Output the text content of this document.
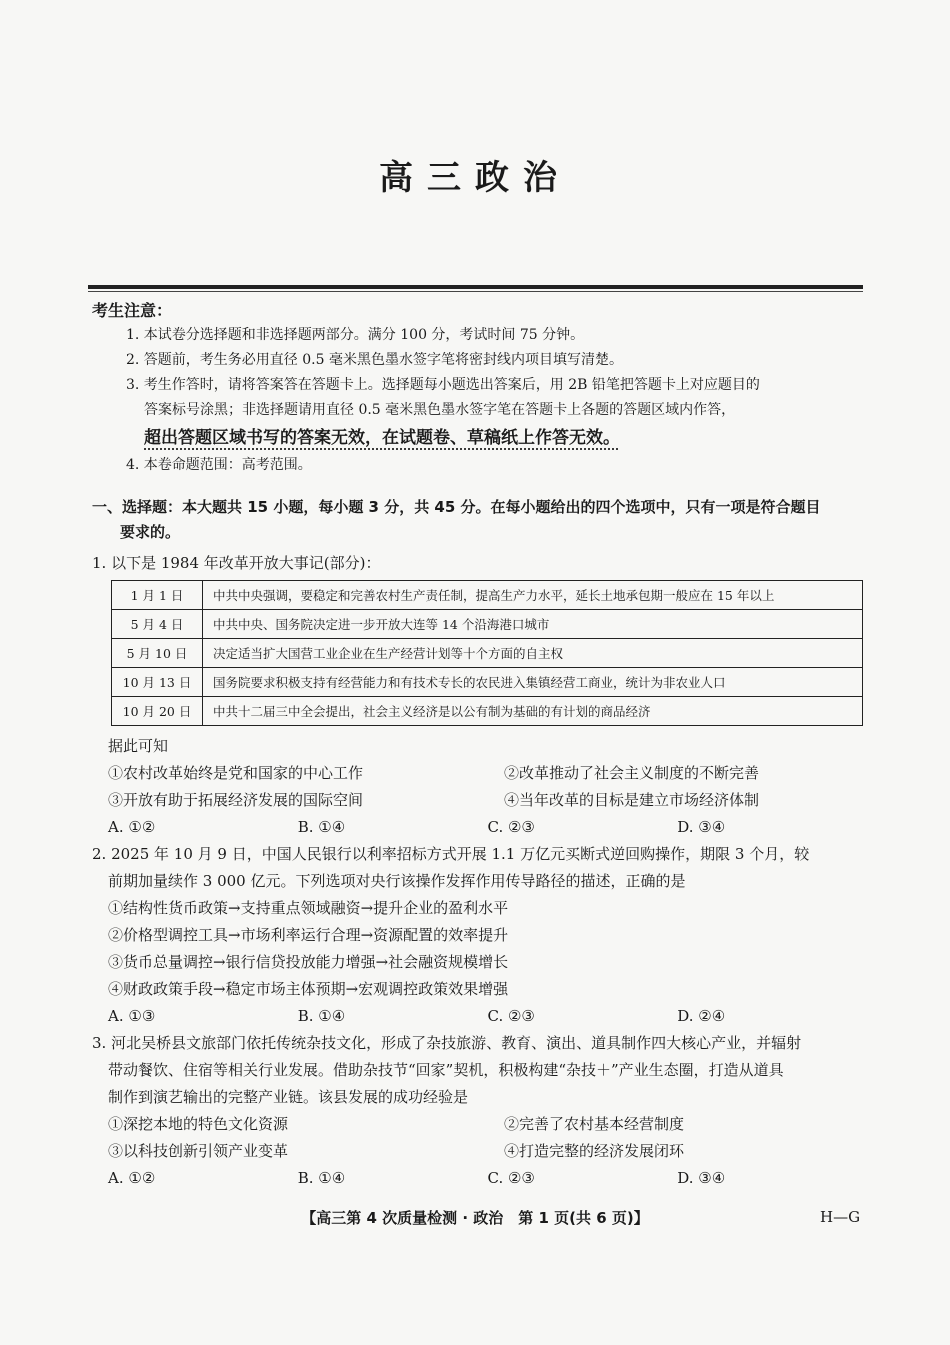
高三政治
考生注意：
1. 本试卷分选择题和非选择题两部分。满分 100 分，考试时间 75 分钟。
2. 答题前，考生务必用直径 0.5 毫米黑色墨水签字笔将密封线内项目填写清楚。
3. 考生作答时，请将答案答在答题卡上。选择题每小题选出答案后，用 2B 铅笔把答题卡上对应题目的
答案标号涂黑；非选择题请用直径 0.5 毫米黑色墨水签字笔在答题卡上各题的答题区域内作答，
超出答题区域书写的答案无效，在试题卷、草稿纸上作答无效。
4. 本卷命题范围：高考范围。
一、选择题：本大题共 15 小题，每小题 3 分，共 45 分。在每小题给出的四个选项中，只有一项是符合题目
要求的。
1. 以下是 1984 年改革开放大事记(部分)：
1 月 1 日	中共中央强调，要稳定和完善农村生产责任制，提高生产力水平，延长土地承包期一般应在 15 年以上
5 月 4 日	中共中央、国务院决定进一步开放大连等 14 个沿海港口城市
5 月 10 日	决定适当扩大国营工业企业在生产经营计划等十个方面的自主权
10 月 13 日	国务院要求积极支持有经营能力和有技术专长的农民进入集镇经营工商业，统计为非农业人口
10 月 20 日	中共十二届三中全会提出，社会主义经济是以公有制为基础的有计划的商品经济
据此可知
①农村改革始终是党和国家的中心工作	②改革推动了社会主义制度的不断完善
③开放有助于拓展经济发展的国际空间	④当年改革的目标是建立市场经济体制
A. ①②	B. ①④	C. ②③	D. ③④
2. 2025 年 10 月 9 日，中国人民银行以利率招标方式开展 1.1 万亿元买断式逆回购操作，期限 3 个月，较
前期加量续作 3 000 亿元。下列选项对央行该操作发挥作用传导路径的描述，正确的是
①结构性货币政策→支持重点领域融资→提升企业的盈利水平
②价格型调控工具→市场利率运行合理→资源配置的效率提升
③货币总量调控→银行信贷投放能力增强→社会融资规模增长
④财政政策手段→稳定市场主体预期→宏观调控政策效果增强
A. ①③	B. ①④	C. ②③	D. ②④
3. 河北吴桥县文旅部门依托传统杂技文化，形成了杂技旅游、教育、演出、道具制作四大核心产业，并辐射
带动餐饮、住宿等相关行业发展。借助杂技节“回家”契机，积极构建“杂技＋”产业生态圈，打造从道具
制作到演艺输出的完整产业链。该县发展的成功经验是
①深挖本地的特色文化资源	②完善了农村基本经营制度
③以科技创新引领产业变革	④打造完整的经济发展闭环
A. ①②	B. ①④	C. ②③	D. ③④
【高三第 4 次质量检测 · 政治　第 1 页(共 6 页)】	H—G
